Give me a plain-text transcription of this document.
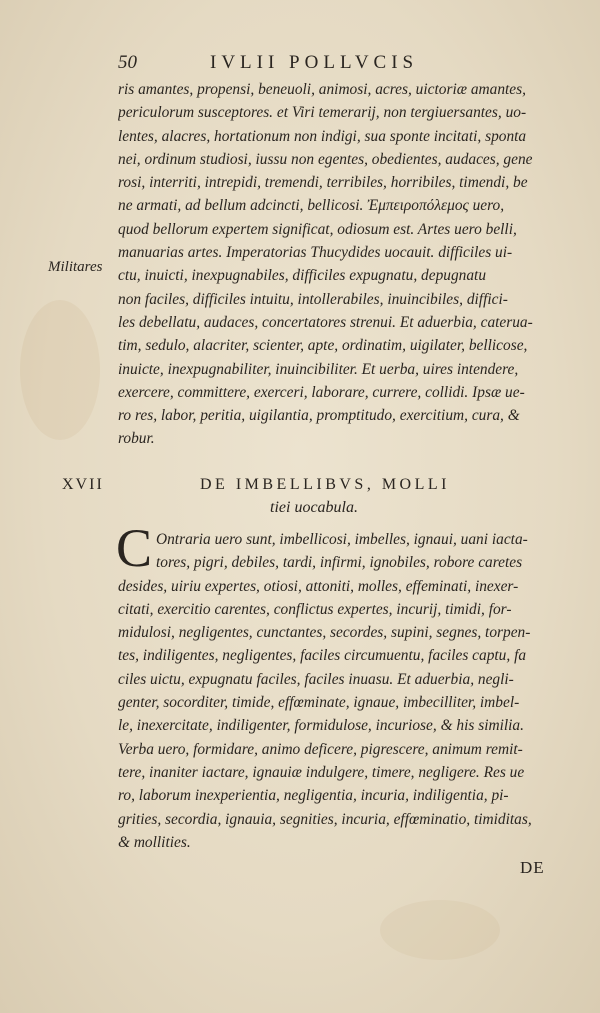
50	IVLII POLLVCIS
Militares
ris amantes, propensi, beneuoli, animosi, acres, uictoriæ amantes,
periculorum susceptores. et Viri temerarij, non tergiuersantes, uo-
lentes, alacres, hortationum non indigi, sua sponte incitati, sponta
nei, ordinum studiosi, iussu non egentes, obedientes, audaces, gene
rosi, interriti, intrepidi, tremendi, terribiles, horribiles, timendi, be
ne armati, ad bellum adcincti, bellicosi. Ἐμπειροπόλεμος uero,
quod bellorum expertem significat, odiosum est. Artes uero belli,
manuarias artes. Imperatorias Thucydides uocauit. difficiles ui-
ctu, inuicti, inexpugnabiles, difficiles expugnatu, depugnatu
non faciles, difficiles intuitu, intollerabiles, inuincibiles, diffici-
les debellatu, audaces, concertatores strenui. Et aduerbia, caterua-
tim, sedulo, alacriter, scienter, apte, ordinatim, uigilater, bellicose,
inuicte, inexpugnabiliter, inuincibiliter. Et uerba, uires intendere,
exercere, committere, exerceri, laborare, currere, collidi. Ipsæ ue-
ro res, labor, peritia, uigilantia, promptitudo, exercitium, cura, &
robur.
XVII	DE IMBELLIBVS, MOLLI
tiei uocabula.
C Ontraria uero sunt, imbellicosi, imbelles, ignaui, uani iacta-
tores, pigri, debiles, tardi, infirmi, ignobiles, robore caretes
desides, uiriu expertes, otiosi, attoniti, molles, effeminati, inexer-
citati, exercitio carentes, conflictus expertes, incurij, timidi, for-
midulosi, negligentes, cunctantes, secordes, supini, segnes, torpen-
tes, indiligentes, negligentes, faciles circumuentu, faciles captu, fa
ciles uictu, expugnatu faciles, faciles inuasu. Et aduerbia, negli-
genter, socorditer, timide, effœminate, ignaue, imbecilliter, imbel-
le, inexercitate, indiligenter, formidulose, incuriose, & his similia.
Verba uero, formidare, animo deficere, pigrescere, animum remit-
tere, inaniter iactare, ignauiæ indulgere, timere, negligere. Res ue
ro, laborum inexperientia, negligentia, incuria, indiligentia, pi-
grities, secordia, ignauia, segnities, incuria, effœminatio, timiditas,
& mollities.
DE
